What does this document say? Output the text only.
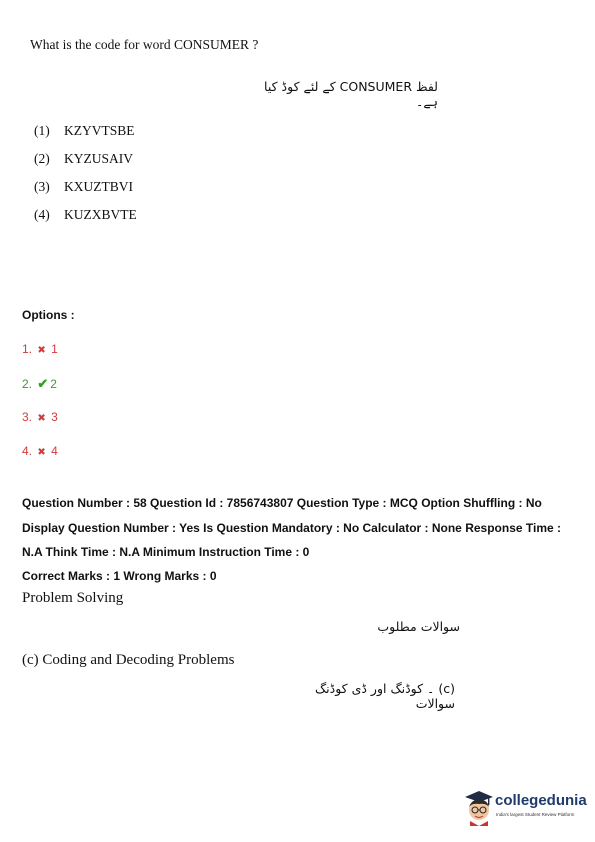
What is the code for word CONSUMER ?
لفظ CONSUMER کے لئے کوڈ کیا ہے۔
(1) KZYVTSBE
(2) KYZUSAIV
(3) KXUZTBVI
(4) KUZXBVTE
Options :
1. ✖ 1
2. ✔ 2
3. ✖ 3
4. ✖ 4
Question Number : 58 Question Id : 7856743807 Question Type : MCQ Option Shuffling : No Display Question Number : Yes Is Question Mandatory : No Calculator : None Response Time : N.A Think Time : N.A Minimum Instruction Time : 0
Correct Marks : 1 Wrong Marks : 0
Problem Solving
سوالات مطلوب
(c) Coding and Decoding Problems
(c) ۔ کوڈنگ اور ڈی کوڈنگ سوالات
collegedunia
India's largest Student Review Platform
